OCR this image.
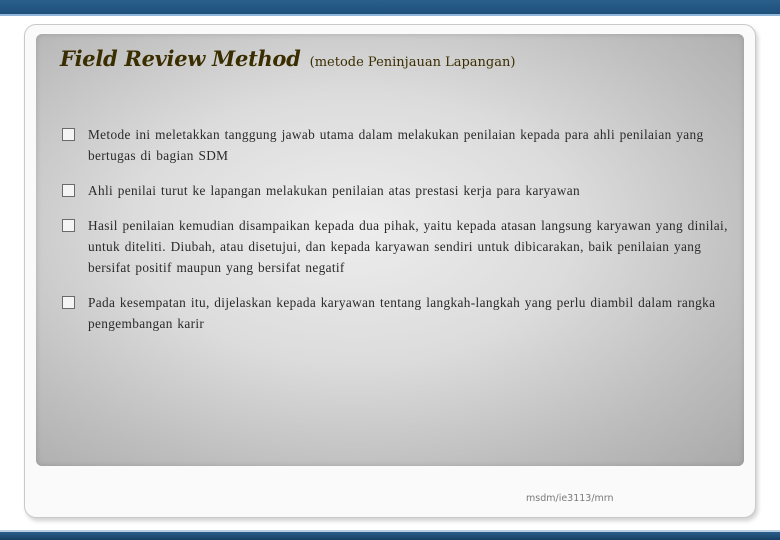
Field Review Method (metode Peninjauan Lapangan)
Metode ini meletakkan tanggung jawab utama dalam melakukan penilaian kepada para ahli penilaian yang bertugas di bagian SDM
Ahli penilai turut ke lapangan melakukan penilaian atas prestasi kerja para karyawan
Hasil penilaian kemudian disampaikan kepada dua pihak, yaitu kepada atasan langsung karyawan yang dinilai, untuk diteliti. Diubah, atau disetujui, dan kepada karyawan sendiri untuk dibicarakan, baik penilaian yang bersifat positif maupun yang bersifat negatif
Pada kesempatan itu, dijelaskan kepada karyawan tentang langkah-langkah yang perlu diambil dalam rangka pengembangan karir
msdm/ie3113/mrn
